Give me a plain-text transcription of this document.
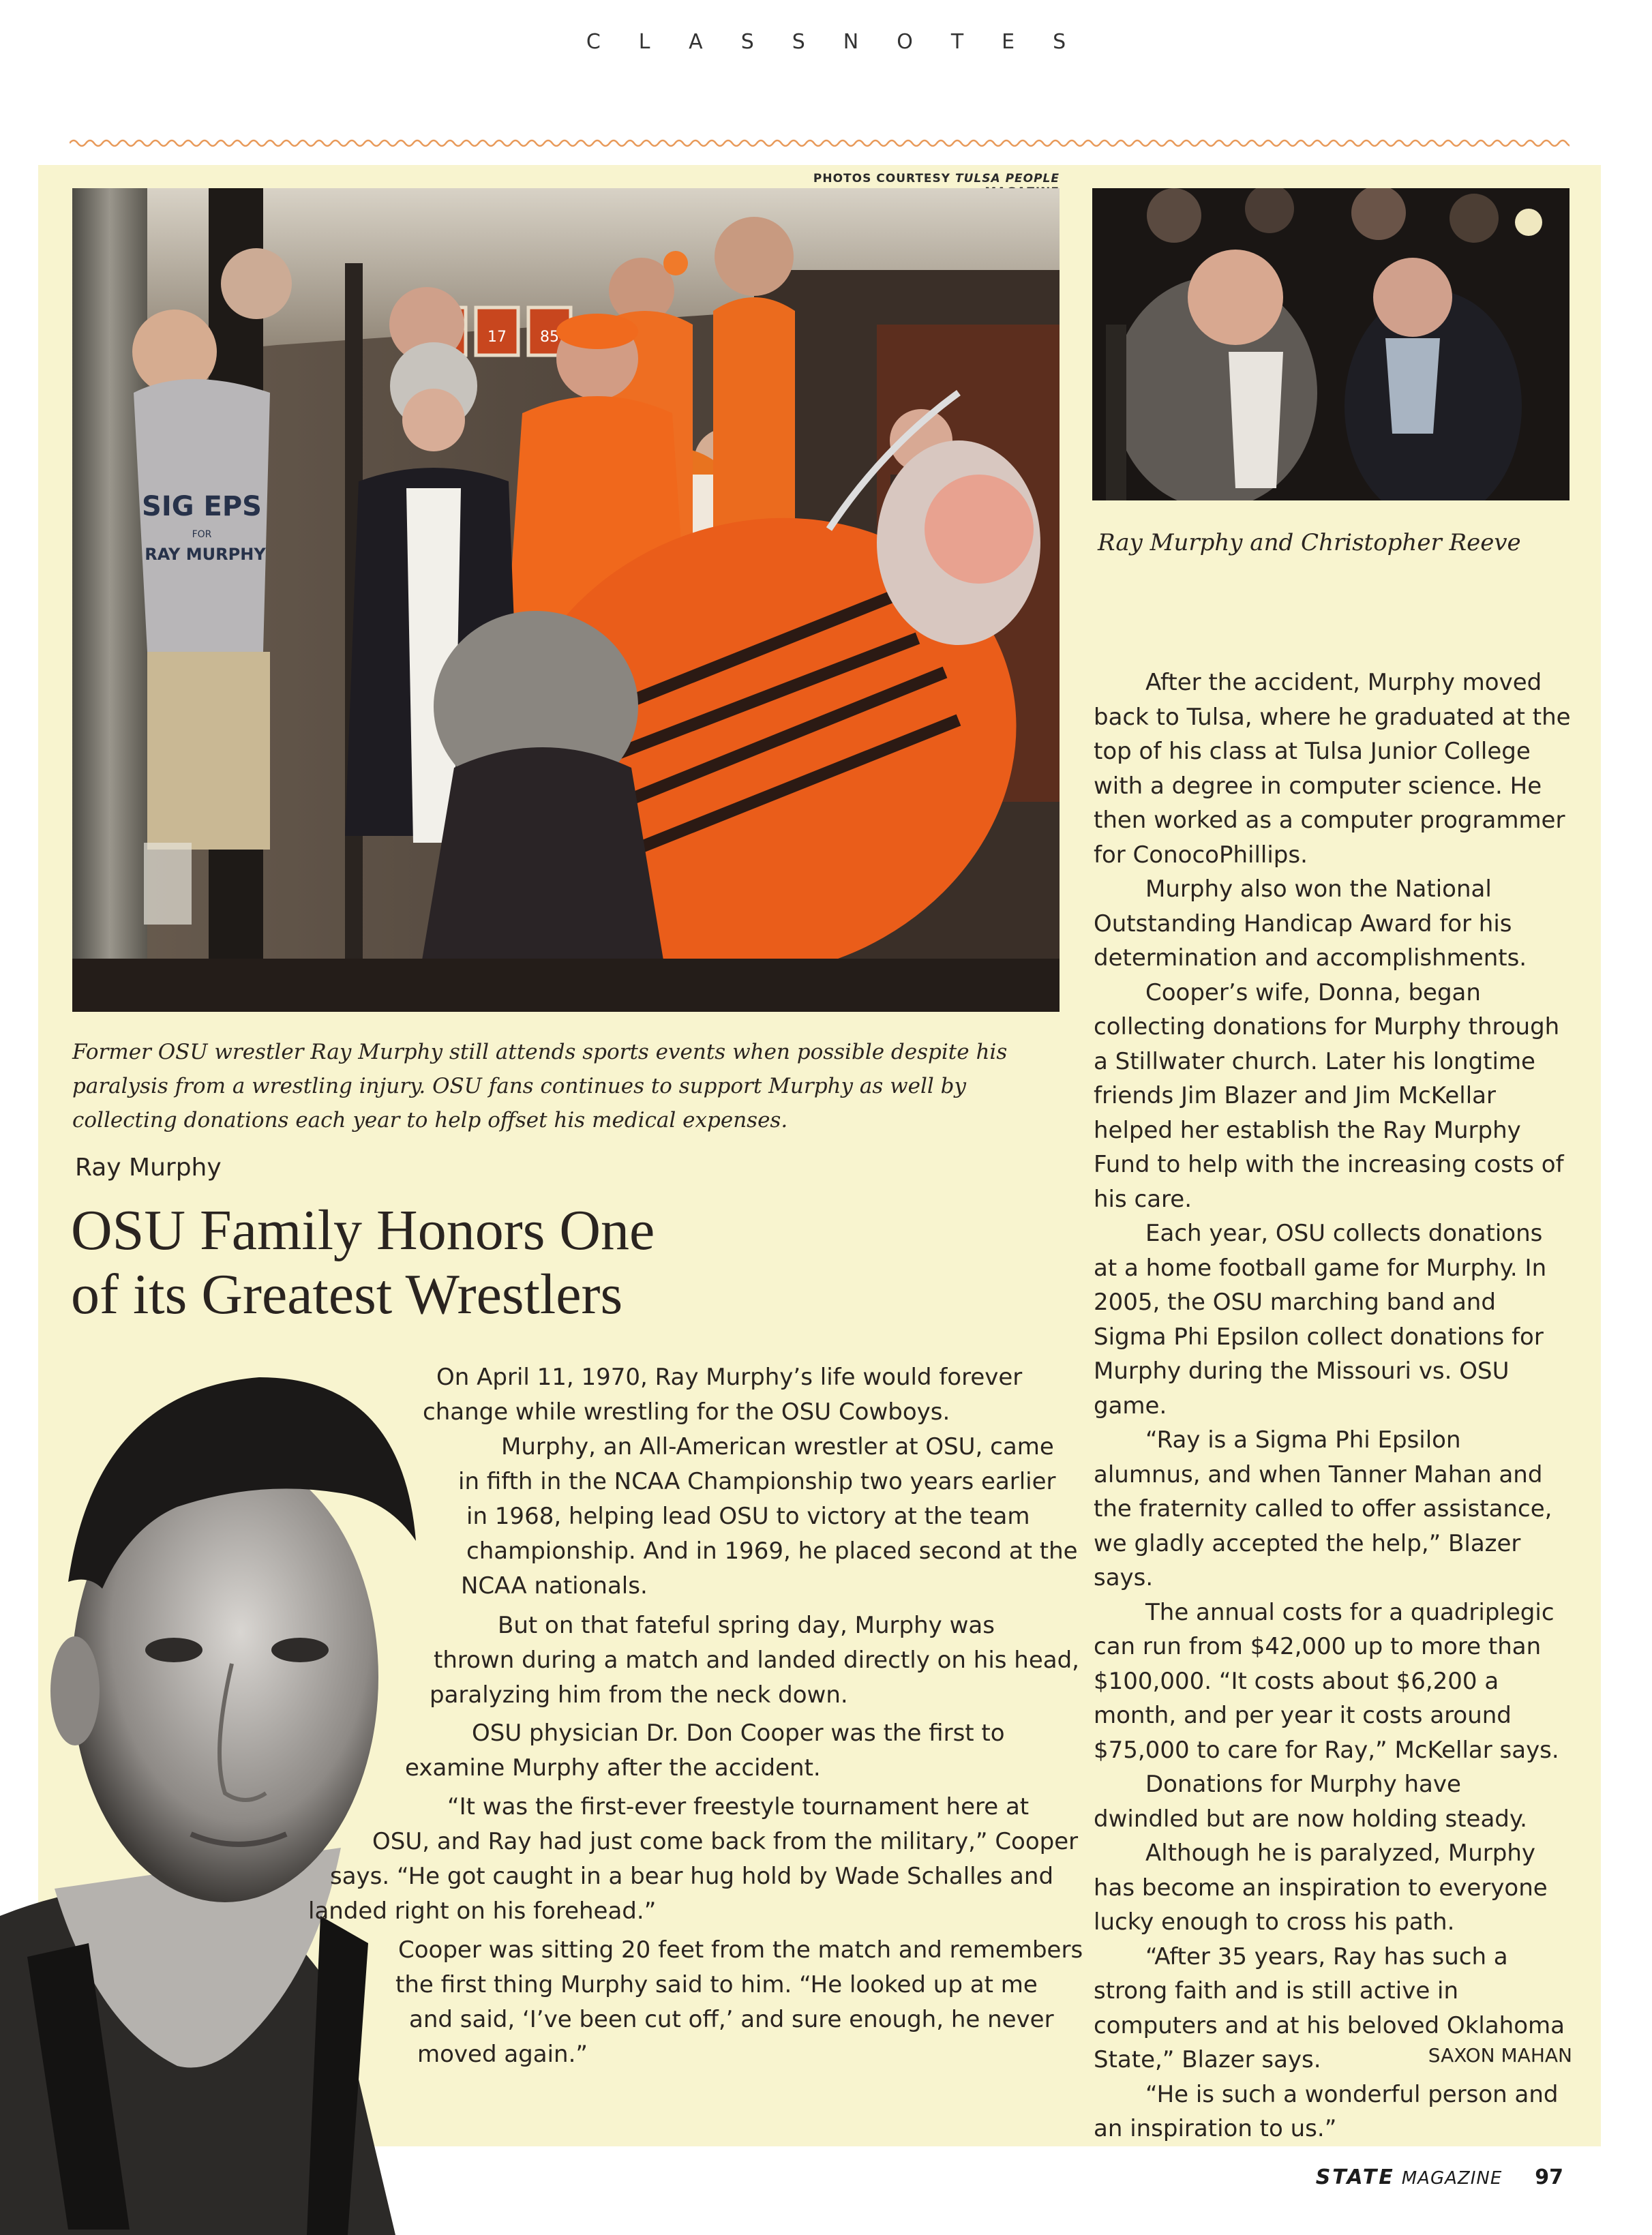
CLASSNOTES
PHOTOS COURTESY TULSA PEOPLE
17 85
SIG EPS
FOR
RAY MURPHY	Ray Murphy and Christopher Reeve
Former OSU wrestler Ray Murphy still attends sports events when possible despite his paralysis from a wrestling injury. OSU fans continues to support Murphy as well by collecting donations each year to help offset his medical expenses.
Ray Murphy
OSU Family Honors One
of its Greatest Wrestlers
On April 11, 1970, Ray Murphy’s life would forever
change while wrestling for the OSU Cowboys.
Murphy, an All-American wrestler at OSU, came
in fifth in the NCAA Championship two years earlier
in 1968, helping lead OSU to victory at the team
championship. And in 1969, he placed second at the
NCAA nationals.
But on that fateful spring day, Murphy was
thrown during a match and landed directly on his head,
paralyzing him from the neck down.
OSU physician Dr. Don Cooper was the first to
examine Murphy after the accident.
“It was the first-ever freestyle tournament here at
OSU, and Ray had just come back from the military,” Cooper
says. “He got caught in a bear hug hold by Wade Schalles and
landed right on his forehead.”
Cooper was sitting 20 feet from the match and remembers
the first thing Murphy said to him. “He looked up at me
and said, ‘I’ve been cut off,’ and sure enough, he never
moved again.”

After the accident, Murphy moved back to Tulsa, where he graduated at the top of his class at Tulsa Junior College with a degree in computer science. He then worked as a computer programmer for ConocoPhillips.

Murphy also won the National Outstanding Handicap Award for his determination and accomplishments.

Cooper’s wife, Donna, began collecting donations for Murphy through a Stillwater church. Later his longtime friends Jim Blazer and Jim McKellar helped her establish the Ray Murphy Fund to help with the increasing costs of his care.

Each year, OSU collects donations at a home football game for Murphy. In 2005, the OSU marching band and Sigma Phi Epsilon collect donations for Murphy during the Missouri vs. OSU game.

“Ray is a Sigma Phi Epsilon alumnus, and when Tanner Mahan and the fraternity called to offer assistance, we gladly accepted the help,” Blazer says.

The annual costs for a quadriplegic can run from $42,000 up to more than $100,000. “It costs about $6,200 a month, and per year it costs around $75,000 to care for Ray,” McKellar says.

Donations for Murphy have dwindled but are now holding steady.

Although he is paralyzed, Murphy has become an inspiration to everyone lucky enough to cross his path.

“After 35 years, Ray has such a strong faith and is still active in computers and at his beloved Oklahoma State,” Blazer says.

“He is such a wonderful person and an inspiration to us.”

SAXON MAHAN
STATE MAGAZINE 97
